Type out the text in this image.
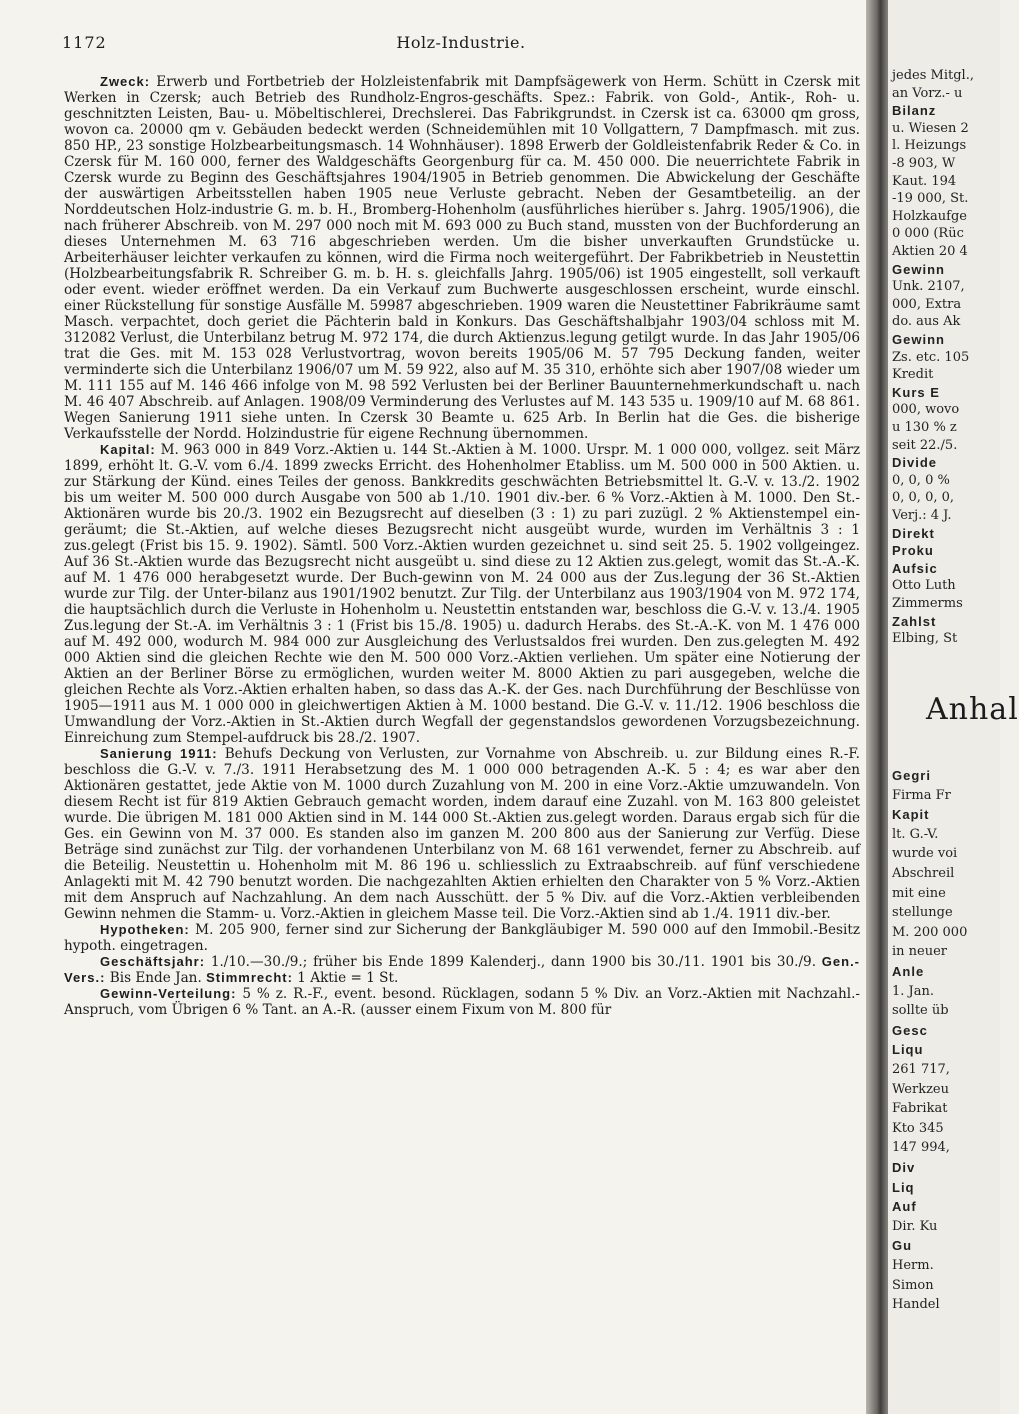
1172	Holz-Industrie.

Zweck: Erwerb und Fortbetrieb der Holzleistenfabrik mit Dampfsägewerk von Herm. Schütt in Czersk mit Werken in Czersk; auch Betrieb des Rundholz-Engros-geschäfts. Spez.: Fabrik. von Gold-, Antik-, Roh- u. geschnitzten Leisten, Bau- u. Möbeltischlerei, Drechslerei. Das Fabrikgrundst. in Czersk ist ca. 63000 qm gross, wovon ca. 20000 qm v. Gebäuden bedeckt werden (Schneidemühlen mit 10 Vollgattern, 7 Dampfmasch. mit zus. 850 HP., 23 sonstige Holzbearbeitungsmasch. 14 Wohnhäuser). 1898 Erwerb der Goldleistenfabrik Reder & Co. in Czersk für M. 160 000, ferner des Waldgeschäfts Georgenburg für ca. M. 450 000. Die neuerrichtete Fabrik in Czersk wurde zu Beginn des Geschäftsjahres 1904/1905 in Betrieb genommen. Die Abwickelung der Geschäfte der auswärtigen Arbeitsstellen haben 1905 neue Verluste gebracht. Neben der Gesamtbeteilig. an der Norddeutschen Holz-industrie G. m. b. H., Bromberg-Hohenholm (ausführliches hierüber s. Jahrg. 1905/1906), die nach früherer Abschreib. von M. 297 000 noch mit M. 693 000 zu Buch stand, mussten von der Buchforderung an dieses Unternehmen M. 63 716 abgeschrieben werden. Um die bisher unverkauften Grundstücke u. Arbeiterhäuser leichter verkaufen zu können, wird die Firma noch weitergeführt. Der Fabrikbetrieb in Neustettin (Holzbearbeitungsfabrik R. Schreiber G. m. b. H. s. gleichfalls Jahrg. 1905/06) ist 1905 eingestellt, soll verkauft oder event. wieder eröffnet werden. Da ein Verkauf zum Buchwerte ausgeschlossen erscheint, wurde einschl. einer Rückstellung für sonstige Ausfälle M. 59987 abgeschrieben. 1909 waren die Neustettiner Fabrikräume samt Masch. verpachtet, doch geriet die Pächterin bald in Konkurs. Das Geschäftshalbjahr 1903/04 schloss mit M. 312082 Verlust, die Unterbilanz betrug M. 972 174, die durch Aktienzus.legung getilgt wurde. In das Jahr 1905/06 trat die Ges. mit M. 153 028 Verlustvortrag, wovon bereits 1905/06 M. 57 795 Deckung fanden, weiter verminderte sich die Unterbilanz 1906/07 um M. 59 922, also auf M. 35 310, erhöhte sich aber 1907/08 wieder um M. 111 155 auf M. 146 466 infolge von M. 98 592 Verlusten bei der Berliner Bauunternehmerkundschaft u. nach M. 46 407 Abschreib. auf Anlagen. 1908/09 Verminderung des Verlustes auf M. 143 535 u. 1909/10 auf M. 68 861. Wegen Sanierung 1911 siehe unten. In Czersk 30 Beamte u. 625 Arb. In Berlin hat die Ges. die bisherige Verkaufsstelle der Nordd. Holzindustrie für eigene Rechnung übernommen.

Kapital: M. 963 000 in 849 Vorz.-Aktien u. 144 St.-Aktien à M. 1000. Urspr. M. 1 000 000, vollgez. seit März 1899, erhöht lt. G.-V. vom 6./4. 1899 zwecks Erricht. des Hohenholmer Etabliss. um M. 500 000 in 500 Aktien. u. zur Stärkung der Künd. eines Teiles der genoss. Bankkredits geschwächten Betriebsmittel lt. G.-V. v. 13./2. 1902 bis um weiter M. 500 000 durch Ausgabe von 500 ab 1./10. 1901 div.-ber. 6 % Vorz.-Aktien à M. 1000. Den St.-Aktionären wurde bis 20./3. 1902 ein Bezugsrecht auf dieselben (3 : 1) zu pari zuzügl. 2 % Aktienstempel ein-geräumt; die St.-Aktien, auf welche dieses Bezugsrecht nicht ausgeübt wurde, wurden im Verhältnis 3 : 1 zus.gelegt (Frist bis 15. 9. 1902). Sämtl. 500 Vorz.-Aktien wurden gezeichnet u. sind seit 25. 5. 1902 vollgeingez. Auf 36 St.-Aktien wurde das Bezugsrecht nicht ausgeübt u. sind diese zu 12 Aktien zus.gelegt, womit das St.-A.-K. auf M. 1 476 000 herabgesetzt wurde. Der Buch-gewinn von M. 24 000 aus der Zus.legung der 36 St.-Aktien wurde zur Tilg. der Unter-bilanz aus 1901/1902 benutzt. Zur Tilg. der Unterbilanz aus 1903/1904 von M. 972 174, die hauptsächlich durch die Verluste in Hohenholm u. Neustettin entstanden war, beschloss die G.-V. v. 13./4. 1905 Zus.legung der St.-A. im Verhältnis 3 : 1 (Frist bis 15./8. 1905) u. dadurch Herabs. des St.-A.-K. von M. 1 476 000 auf M. 492 000, wodurch M. 984 000 zur Ausgleichung des Verlustsaldos frei wurden. Den zus.gelegten M. 492 000 Aktien sind die gleichen Rechte wie den M. 500 000 Vorz.-Aktien verliehen. Um später eine Notierung der Aktien an der Berliner Börse zu ermöglichen, wurden weiter M. 8000 Aktien zu pari ausgegeben, welche die gleichen Rechte als Vorz.-Aktien erhalten haben, so dass das A.-K. der Ges. nach Durchführung der Beschlüsse von 1905—1911 aus M. 1 000 000 in gleichwertigen Aktien à M. 1000 bestand. Die G.-V. v. 11./12. 1906 beschloss die Umwandlung der Vorz.-Aktien in St.-Aktien durch Wegfall der gegenstandslos gewordenen Vorzugsbezeichnung. Einreichung zum Stempel-aufdruck bis 28./2. 1907.

Sanierung 1911: Behufs Deckung von Verlusten, zur Vornahme von Abschreib. u. zur Bildung eines R.-F. beschloss die G.-V. v. 7./3. 1911 Herabsetzung des M. 1 000 000 betragenden A.-K. 5 : 4; es war aber den Aktionären gestattet, jede Aktie von M. 1000 durch Zuzahlung von M. 200 in eine Vorz.-Aktie umzuwandeln. Von diesem Recht ist für 819 Aktien Gebrauch gemacht worden, indem darauf eine Zuzahl. von M. 163 800 geleistet wurde. Die übrigen M. 181 000 Aktien sind in M. 144 000 St.-Aktien zus.gelegt worden. Daraus ergab sich für die Ges. ein Gewinn von M. 37 000. Es standen also im ganzen M. 200 800 aus der Sanierung zur Verfüg. Diese Beträge sind zunächst zur Tilg. der vorhandenen Unterbilanz von M. 68 161 verwendet, ferner zu Abschreib. auf die Beteilig. Neustettin u. Hohenholm mit M. 86 196 u. schliesslich zu Extraabschreib. auf fünf verschiedene Anlagekti mit M. 42 790 benutzt worden. Die nachgezahlten Aktien erhielten den Charakter von 5 % Vorz.-Aktien mit dem Anspruch auf Nachzahlung. An dem nach Ausschütt. der 5 % Div. auf die Vorz.-Aktien verbleibenden Gewinn nehmen die Stamm- u. Vorz.-Aktien in gleichem Masse teil. Die Vorz.-Aktien sind ab 1./4. 1911 div.-ber.

Hypotheken: M. 205 900, ferner sind zur Sicherung der Bankgläubiger M. 590 000 auf den Immobil.-Besitz hypoth. eingetragen.

Geschäftsjahr: 1./10.—30./9.; früher bis Ende 1899 Kalenderj., dann 1900 bis 30./11. 1901 bis 30./9. Gen.-Vers.: Bis Ende Jan. Stimmrecht: 1 Aktie = 1 St.

Gewinn-Verteilung: 5 % z. R.-F., event. besond. Rücklagen, sodann 5 % Div. an Vorz.-Aktien mit Nachzahl.-Anspruch, vom Übrigen 6 % Tant. an A.-R. (ausser einem Fixum von M. 800 für

jedes Mitgl.,
an Vorz.- u
Bilanz
u. Wiesen 2
l. Heizungs
-8 903, W
Kaut. 194
-19 000, St.
Holzkaufge
0 000 (Rüc
Aktien 20 4
Gewinn
Unk. 2107,
000, Extra
do. aus Ak
Gewinn
Zs. etc. 105
Kredit
Kurs E
000, wovo
u 130 % z
seit 22./5.
Divide
0, 0, 0 %
0, 0, 0, 0,
Verj.: 4 J.
Direkt
Proku
Aufsic
Otto Luth
Zimmerms
Zahlst
Elbing, St
Anhal
Gegri
Firma Fr
Kapit
lt. G.-V.
wurde voi
Abschreil
mit eine
stellunge
M. 200 000
in neuer
Anle
1. Jan.
sollte üb
Gesc
Liqu
261 717,
Werkzeu
Fabrikat
Kto 345
147 994,
Div
Liq
Auf
Dir. Ku
Gu
Herm.
Simon
Handel
